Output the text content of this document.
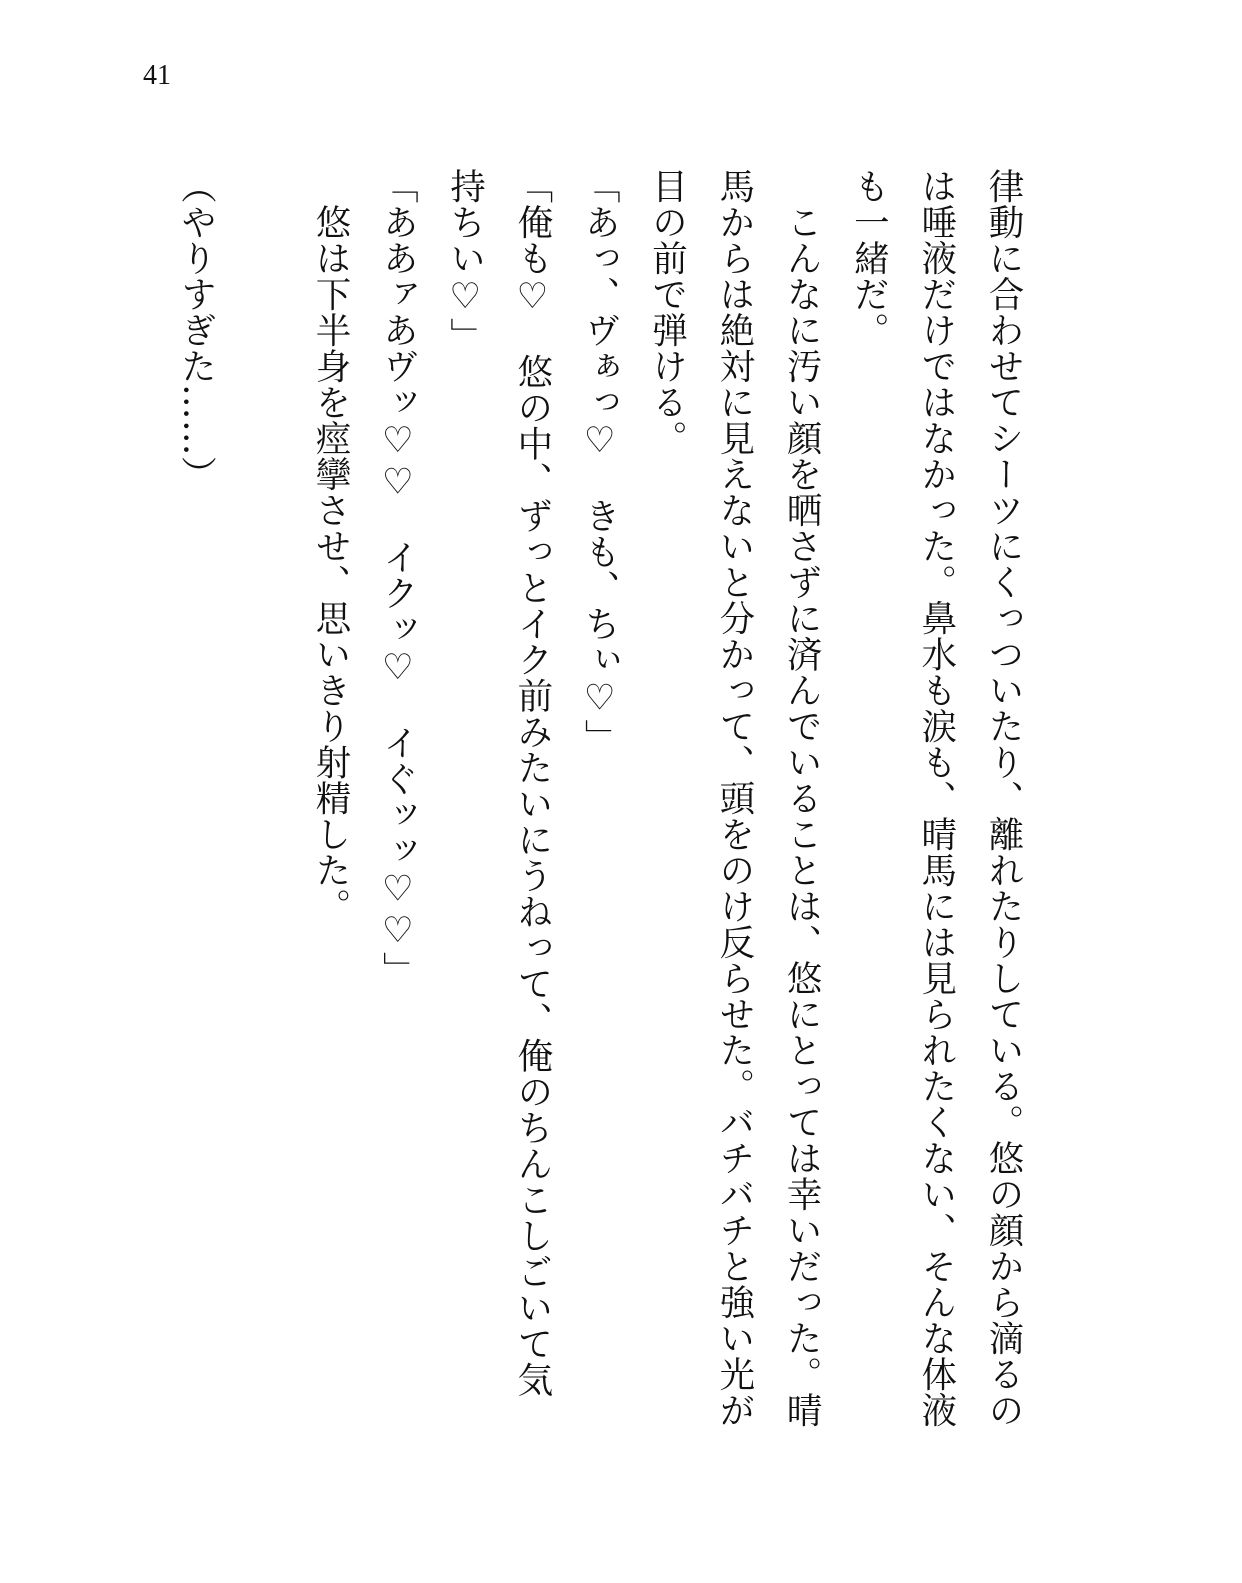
41

律動に合わせてシーツにくっついたり、離れたりしている。悠の顔から滴るのは唾液だけではなかった。鼻水も涙も、晴馬には見られたくない、そんな体液も一緒だ。

　こんなに汚い顔を晒さずに済んでいることは、悠にとっては幸いだった。晴馬からは絶対に見えないと分かって、頭をのけ反らせた。バチバチと強い光が目の前で弾ける。

「あっ、ヴぁっ♡　きも、ちぃ♡」

「俺も♡　悠の中、ずっとイク前みたいにうねって、俺のちんこしごいて気持ちい♡」

「ああァあヴッ♡♡　イクッ♡　イぐッッ♡♡」

　悠は下半身を痙攣させ、思いきり射精した。

（やりすぎた……）
